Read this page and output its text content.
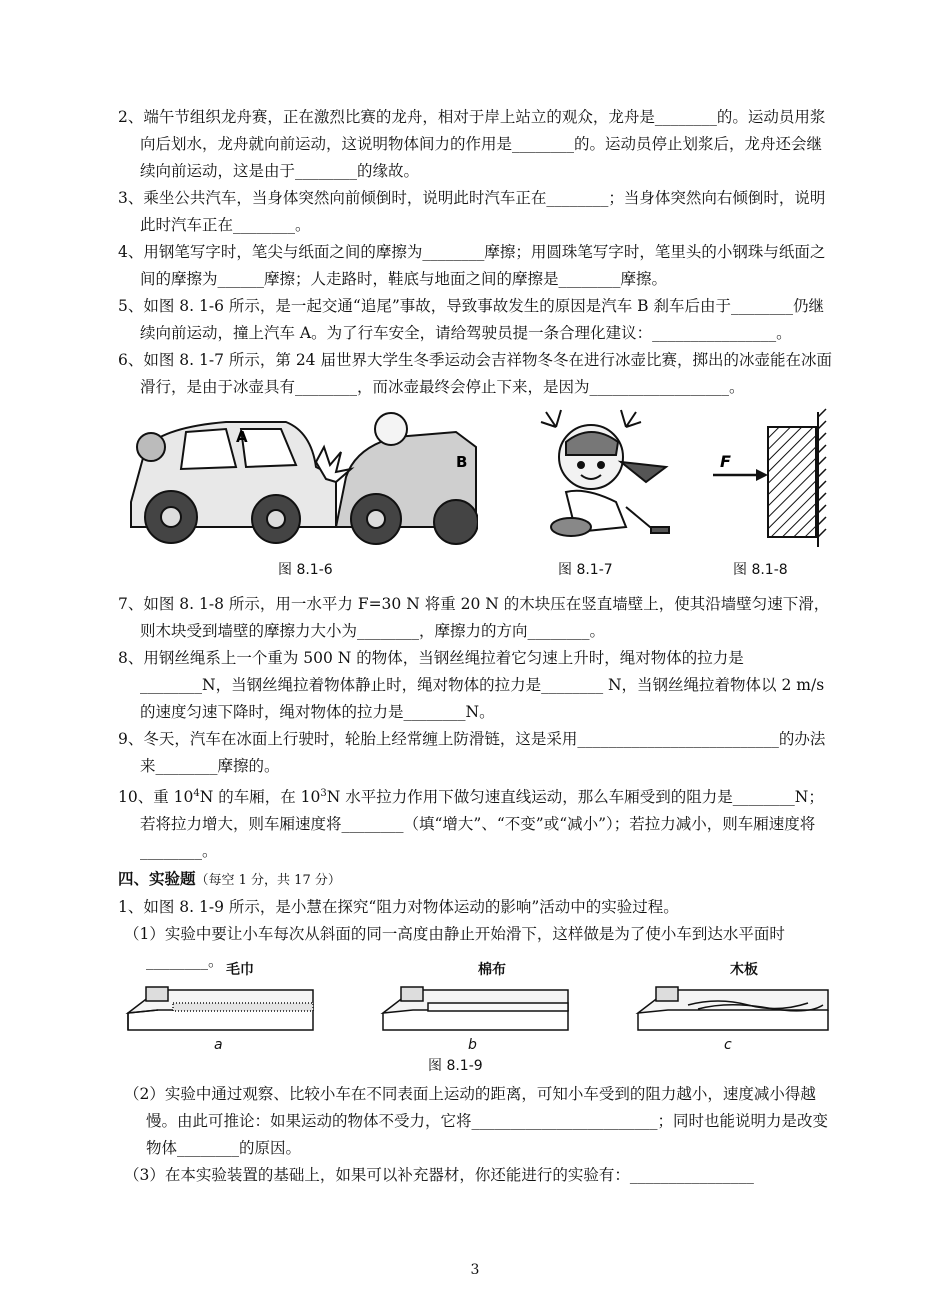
2、端午节组织龙舟赛，正在激烈比赛的龙舟，相对于岸上站立的观众，龙舟是________的。运动员用浆向后划水，龙舟就向前运动，这说明物体间力的作用是________的。运动员停止划浆后，龙舟还会继续向前运动，这是由于________的缘故。

3、乘坐公共汽车，当身体突然向前倾倒时，说明此时汽车正在________；当身体突然向右倾倒时，说明此时汽车正在________。

4、用钢笔写字时，笔尖与纸面之间的摩擦为________摩擦；用圆珠笔写字时，笔里头的小钢珠与纸面之间的摩擦为______摩擦；人走路时，鞋底与地面之间的摩擦是________摩擦。

5、如图 8. 1-6 所示，是一起交通“追尾”事故，导致事故发生的原因是汽车 B 刹车后由于________仍继续向前运动，撞上汽车 A。为了行车安全，请给驾驶员提一条合理化建议：________________。

6、如图 8. 1-7 所示，第 24 届世界大学生冬季运动会吉祥物冬冬在进行冰壶比赛，掷出的冰壶能在冰面滑行，是由于冰壶具有________，而冰壶最终会停止下来，是因为__________________。

A
B
图 8.1-6	图 8.1-7
F
图 8.1-8

7、如图 8. 1-8 所示，用一水平力 F=30 N 将重 20 N 的木块压在竖直墙壁上，使其沿墙壁匀速下滑，则木块受到墙壁的摩擦力大小为________，摩擦力的方向________。

8、用钢丝绳系上一个重为 500 N 的物体，当钢丝绳拉着它匀速上升时，绳对物体的拉力是________N，当钢丝绳拉着物体静止时，绳对物体的拉力是________ N，当钢丝绳拉着物体以 2 m/s 的速度匀速下降时，绳对物体的拉力是________N。

9、冬天，汽车在冰面上行驶时，轮胎上经常缠上防滑链，这是采用__________________________的办法来________摩擦的。

10、重 $10^4N$ 的车厢，在 $10^3N$ 水平拉力作用下做匀速直线运动，那么车厢受到的阻力是________N；若将拉力增大，则车厢速度将________（填“增大”、“不变”或“减小”）；若拉力减小，则车厢速度将________。

四、实验题（每空 1 分，共 17 分）

1、如图 8. 1-9 所示，是小慧在探究“阻力对物体运动的影响”活动中的实验过程。

（1）实验中要让小车每次从斜面的同一高度由静止开始滑下，这样做是为了使小车到达水平面时________。 毛巾	棉布	木板
a	b	c
图 8.1-9

（2）实验中通过观察、比较小车在不同表面上运动的距离，可知小车受到的阻力越小，速度减小得越慢。由此可推论：如果运动的物体不受力，它将________________________；同时也能说明力是改变物体________的原因。

（3）在本实验装置的基础上，如果可以补充器材，你还能进行的实验有：________________

3
